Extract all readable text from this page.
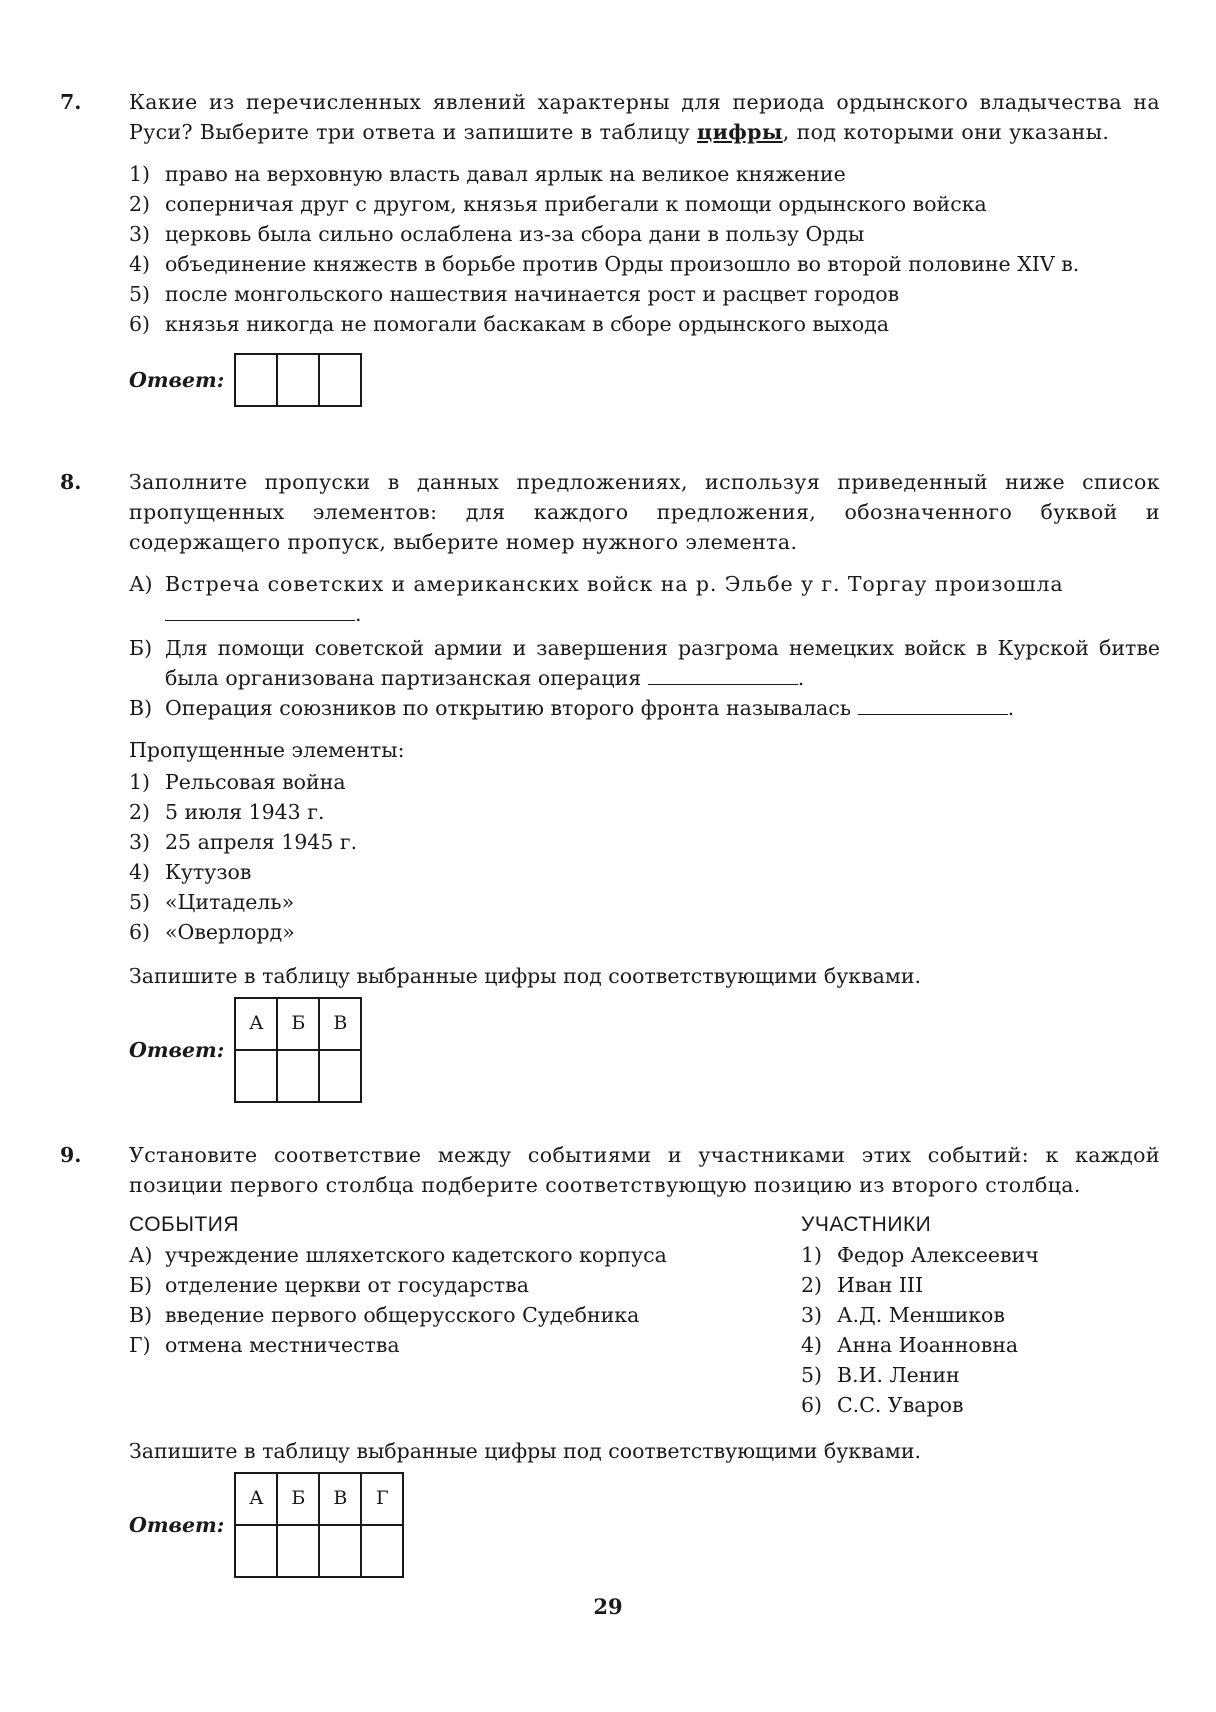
7. Какие из перечисленных явлений характерны для периода ордынского владычества на Руси? Выберите три ответа и запишите в таблицу цифры, под которыми они указаны.
1) право на верховную власть давал ярлык на великое княжение
2) соперничая друг с другом, князья прибегали к помощи ордынского войска
3) церковь была сильно ослаблена из-за сбора дани в пользу Орды
4) объединение княжеств в борьбе против Орды произошло во второй половине XIV в.
5) после монгольского нашествия начинается рост и расцвет городов
6) князья никогда не помогали баскакам в сборе ордынского выхода
Ответ:

8. Заполните пропуски в данных предложениях, используя приведенный ниже список пропущенных элементов: для каждого предложения, обозначенного буквой и содержащего пропуск, выберите номер нужного элемента.
А) Встреча советских и американских войск на р. Эльбе у г. Торгау произошла
.
Б) Для помощи советской армии и завершения разгрома немецких войск в Курской битве была организована партизанская операция	.
В) Операция союзников по открытию второго фронта называлась	.
Пропущенные элементы:
1) Рельсовая война
2) 5 июля 1943 г.
3) 25 апреля 1945 г.
4) Кутузов
5) «Цитадель»
6) «Оверлорд»
Запишите в таблицу выбранные цифры под соответствующими буквами.
Ответ:
А	Б	В

9. Установите соответствие между событиями и участниками этих событий: к каждой позиции первого столбца подберите соответствующую позицию из второго столбца.
СОБЫТИЯ
А) учреждение шляхетского кадетского корпуса
Б) отделение церкви от государства
В) введение первого общерусского Судебника
Г) отмена местничества
УЧАСТНИКИ
1) Федор Алексеевич
2) Иван III
3) А.Д. Меншиков
4) Анна Иоанновна
5) В.И. Ленин
6) С.С. Уваров
Запишите в таблицу выбранные цифры под соответствующими буквами.
Ответ:
А	Б	В	Г

29
